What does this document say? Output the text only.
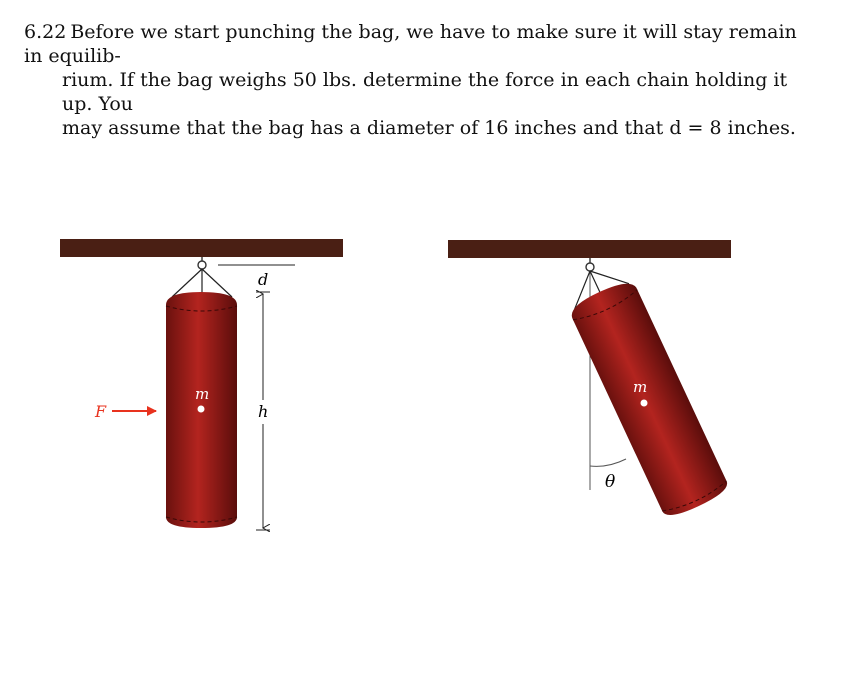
6.22 Before we start punching the bag, we have to make sure it will stay remain in equilib-
rium. If the bag weighs 50 lbs. determine the force in each chain holding it up. You
may assume that the bag has a diameter of 16 inches and that d = 8 inches.
m
F
d
h
m
θ
